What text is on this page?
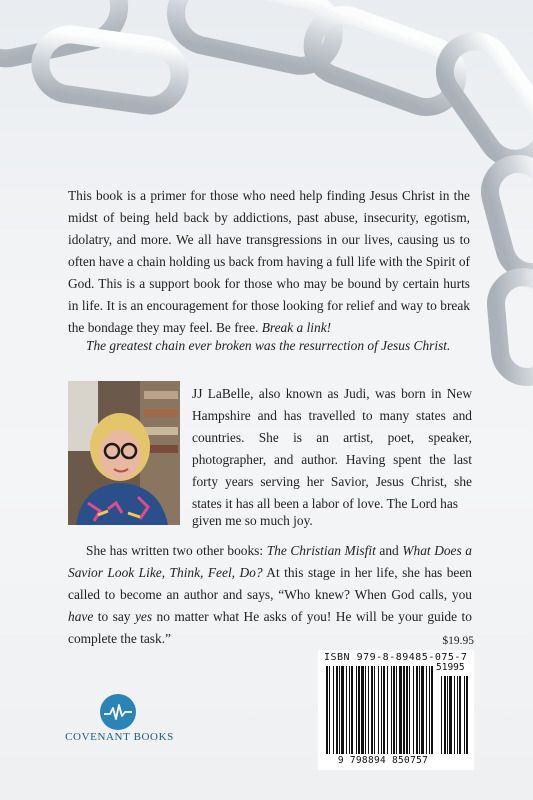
This book is a primer for those who need help finding Jesus Christ in the midst of being held back by addictions, past abuse, insecurity, egotism, idolatry, and more. We all have transgressions in our lives, causing us to often have a chain holding us back from having a full life with the Spirit of God. This is a support book for those who may be bound by certain hurts in life. It is an encouragement for those looking for relief and way to break the bondage they may feel. Be free. Break a link!

The greatest chain ever broken was the resurrection of Jesus Christ.

JJ LaBelle, also known as Judi, was born in New Hampshire and has travelled to many states and countries. She is an artist, poet, speaker, photographer, and author. Having spent the last forty years serving her Savior, Jesus Christ, she states it has all been a labor of love. The Lord has

given me so much joy.

She has written two other books: The Christian Misfit and What Does a Savior Look Like, Think, Feel, Do? At this stage in her life, she has been called to become an author and says, “Who knew? When God calls, you have to say yes no matter what He asks of you! He will be your guide to complete the task.”	$19.95
ISBN 979-8-89485-075-7
51995
9 798894 850757
COVENANT BOOKS
